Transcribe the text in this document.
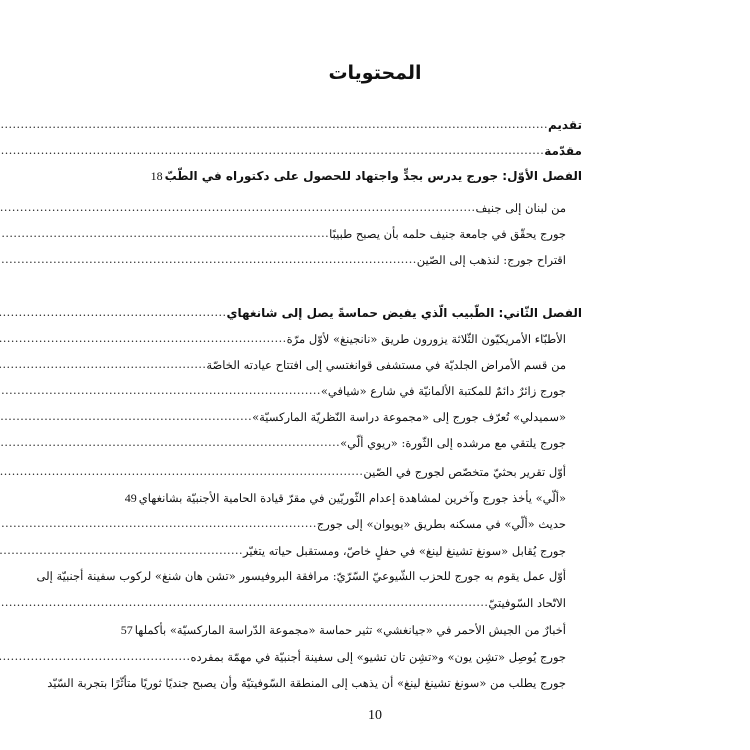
المحتويات
تقديم
.....
مقدّمة
.....
الفصل الأوّل: جورج يدرس بجدٍّ واجتهاد للحصول على دكتوراه في الطّبّ
18
من لبنان إلى جنيف
.....
جورج يحقّق في جامعة جنيف حلمه بأن يصبح طبيبًا
.....
اقتراح جورج: لنذهب إلى الصّين
.....
الفصل الثّاني: الطّبيب الّذي يفيض حماسةً يصل إلى شانغهاي
.....
الأطبّاء الأمريكيّون الثّلاثة يزورون طريق «نانجينغ» لأوّل مرّة
.....
من قسم الأمراض الجلديّة في مستشفى قوانغتسي إلى افتتاح عيادته الخاصّة
.....
جورج زائرٌ دائمٌ للمكتبة الألمانيّة في شارع «شيافي»
.....
«سميدلي» تُعرّف جورج إلى «مجموعة دراسة النّظريّة الماركسيّة»
.....
جورج يلتقي مع مرشده إلى الثّورة: «ريوي ألّي»
.....
أوّل تقرير بحثيّ متخصّص لجورج في الصّين
.....
«ألّي» يأخذ جورج وآخرين لمشاهدة إعدام الثّوريّين في مقرّ قيادة الحامية الأجنبيّة بشانغهاي
49
حديث «ألّي» في مسكنه بطريق «يويوان» إلى جورج
.....
جورج يُقابل «سونغ تشينغ لينغ» في حفلٍ خاصّ، ومستقبل حياته يتغيّر
.....
أوّل عمل يقوم به جورج للحزب الشّيوعيّ السّرّيّ: مرافقة البروفيسور «تشن هان شنغ» لركوب سفينة أجنبيّة إلى
الاتّحاد السّوفيتيّ
.....
أخبارٌ من الجيش الأحمر في «جيانغشي» تثير حماسة «مجموعة الدّراسة الماركسيّة» بأكملها
57
جورج يُوصِل «تشِن يون» و«تشِن تان تشيو» إلى سفينة أجنبيّة في مهمّة بمفرده
.....
جورج يطلب من «سونغ تشينغ لينغ» أن يذهب إلى المنطقة السّوفيتيّة وأن يصبح جنديًا ثوريًا متأثّرًا بتجربة السّيّد
10
